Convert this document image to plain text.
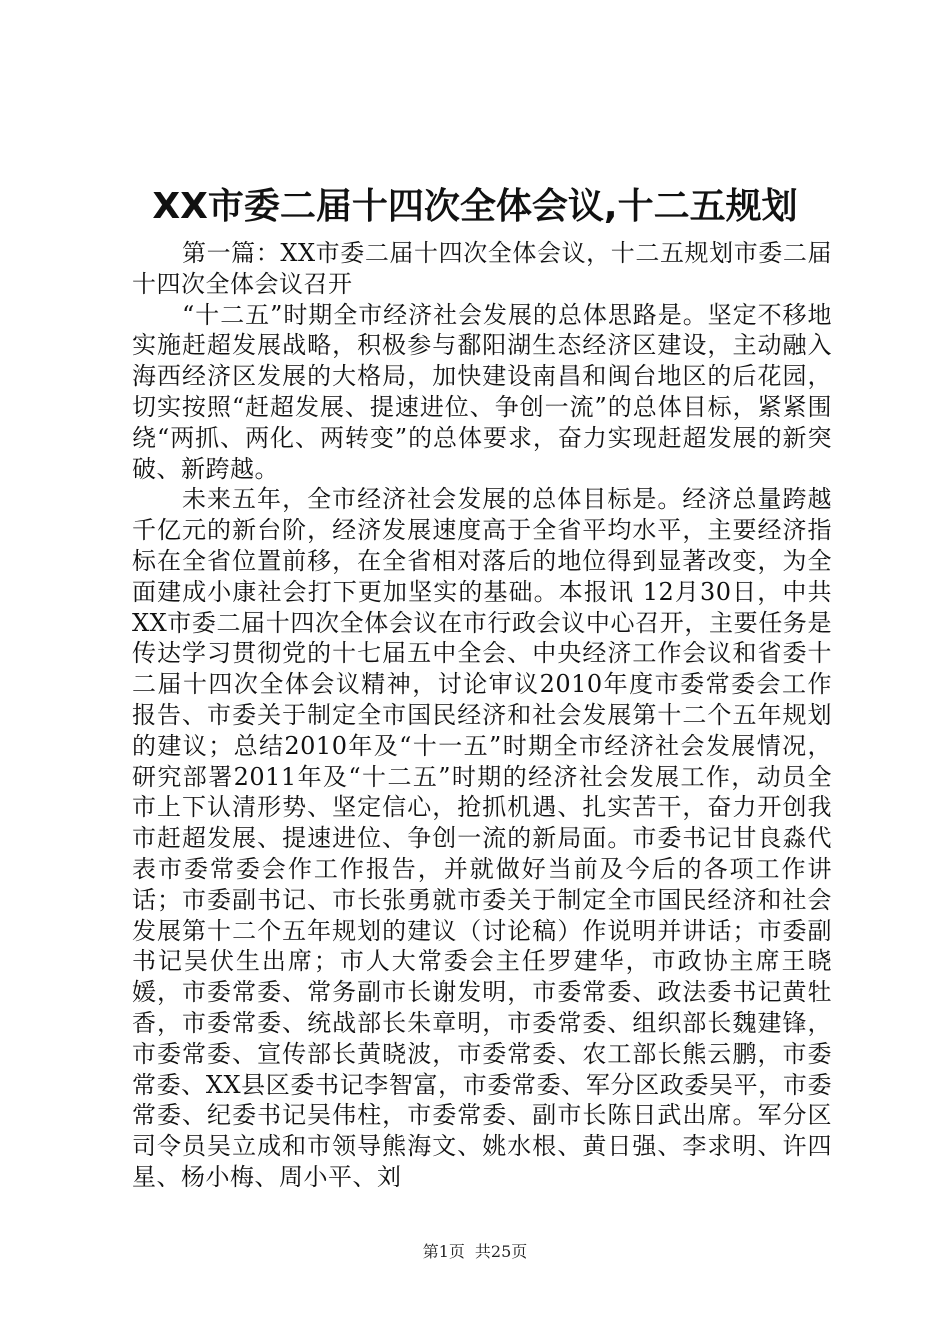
XX市委二届十四次全体会议,十二五规划

第一篇：XX市委二届十四次全体会议，十二五规划市委二届十四次全体会议召开

“十二五”时期全市经济社会发展的总体思路是。坚定不移地实施赶超发展战略，积极参与鄱阳湖生态经济区建设，主动融入海西经济区发展的大格局，加快建设南昌和闽台地区的后花园，切实按照“赶超发展、提速进位、争创一流”的总体目标，紧紧围绕“两抓、两化、两转变”的总体要求，奋力实现赶超发展的新突破、新跨越。

未来五年，全市经济社会发展的总体目标是。经济总量跨越千亿元的新台阶，经济发展速度高于全省平均水平，主要经济指标在全省位置前移，在全省相对落后的地位得到显著改变，为全面建成小康社会打下更加坚实的基础。本报讯 12月30日，中共XX市委二届十四次全体会议在市行政会议中心召开，主要任务是传达学习贯彻党的十七届五中全会、中央经济工作会议和省委十二届十四次全体会议精神，讨论审议2010年度市委常委会工作报告、市委关于制定全市国民经济和社会发展第十二个五年规划的建议；总结2010年及“十一五”时期全市经济社会发展情况，研究部署2011年及“十二五”时期的经济社会发展工作，动员全市上下认清形势、坚定信心，抢抓机遇、扎实苦干，奋力开创我市赶超发展、提速进位、争创一流的新局面。市委书记甘良淼代表市委常委会作工作报告，并就做好当前及今后的各项工作讲话；市委副书记、市长张勇就市委关于制定全市国民经济和社会发展第十二个五年规划的建议（讨论稿）作说明并讲话；市委副书记吴伏生出席；市人大常委会主任罗建华，市政协主席王晓媛，市委常委、常务副市长谢发明，市委常委、政法委书记黄牡香，市委常委、统战部长朱章明，市委常委、组织部长魏建锋，市委常委、宣传部长黄晓波，市委常委、农工部长熊云鹏，市委常委、XX县区委书记李智富，市委常委、军分区政委吴平，市委常委、纪委书记吴伟柱，市委常委、副市长陈日武出席。军分区司令员吴立成和市领导熊海文、姚水根、黄日强、李求明、许四星、杨小梅、周小平、刘

第1页 共25页
